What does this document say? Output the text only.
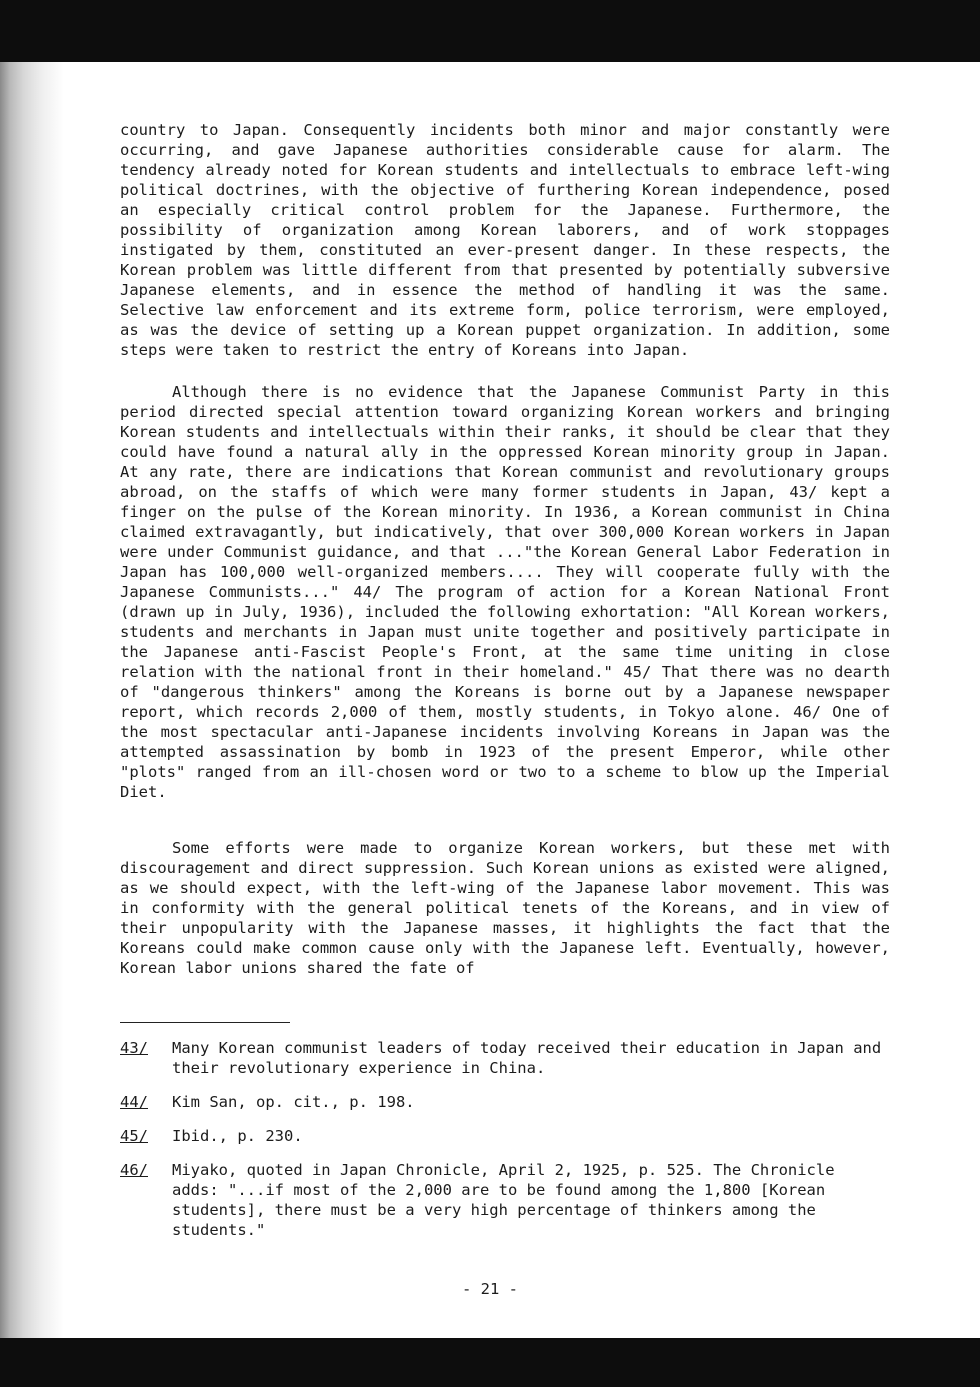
country to Japan. Consequently incidents both minor and major constantly were occurring, and gave Japanese authorities considerable cause for alarm. The tendency already noted for Korean students and intellectuals to embrace left-wing political doctrines, with the objective of furthering Korean independence, posed an especially critical control problem for the Japanese. Furthermore, the possibility of organization among Korean laborers, and of work stoppages instigated by them, constituted an ever-present danger. In these respects, the Korean problem was little different from that presented by potentially subversive Japanese elements, and in essence the method of handling it was the same. Selective law enforcement and its extreme form, police terrorism, were employed, as was the device of setting up a Korean puppet organization. In addition, some steps were taken to restrict the entry of Koreans into Japan.

Although there is no evidence that the Japanese Communist Party in this period directed special attention toward organizing Korean workers and bringing Korean students and intellectuals within their ranks, it should be clear that they could have found a natural ally in the oppressed Korean minority group in Japan. At any rate, there are indications that Korean communist and revolutionary groups abroad, on the staffs of which were many former students in Japan, 43/ kept a finger on the pulse of the Korean minority. In 1936, a Korean communist in China claimed extravagantly, but indicatively, that over 300,000 Korean workers in Japan were under Communist guidance, and that ..."the Korean General Labor Federation in Japan has 100,000 well-organized members.... They will cooperate fully with the Japanese Communists..." 44/ The program of action for a Korean National Front (drawn up in July, 1936), included the following exhortation: "All Korean workers, students and merchants in Japan must unite together and positively participate in the Japanese anti-Fascist People's Front, at the same time uniting in close relation with the national front in their homeland." 45/ That there was no dearth of "dangerous thinkers" among the Koreans is borne out by a Japanese newspaper report, which records 2,000 of them, mostly students, in Tokyo alone. 46/ One of the most spectacular anti-Japanese incidents involving Koreans in Japan was the attempted assassination by bomb in 1923 of the present Emperor, while other "plots" ranged from an ill-chosen word or two to a scheme to blow up the Imperial Diet.

Some efforts were made to organize Korean workers, but these met with discouragement and direct suppression. Such Korean unions as existed were aligned, as we should expect, with the left-wing of the Japanese labor movement. This was in conformity with the general political tenets of the Koreans, and in view of their unpopularity with the Japanese masses, it highlights the fact that the Koreans could make common cause only with the Japanese left. Eventually, however, Korean labor unions shared the fate of

43/	Many Korean communist leaders of today received their education in Japan and their revolutionary experience in China.
44/	Kim San, op. cit., p. 198.
45/	Ibid., p. 230.
46/	Miyako, quoted in Japan Chronicle, April 2, 1925, p. 525. The Chronicle adds: "...if most of the 2,000 are to be found among the 1,800 [Korean students], there must be a very high percentage of thinkers among the students."
- 21 -
